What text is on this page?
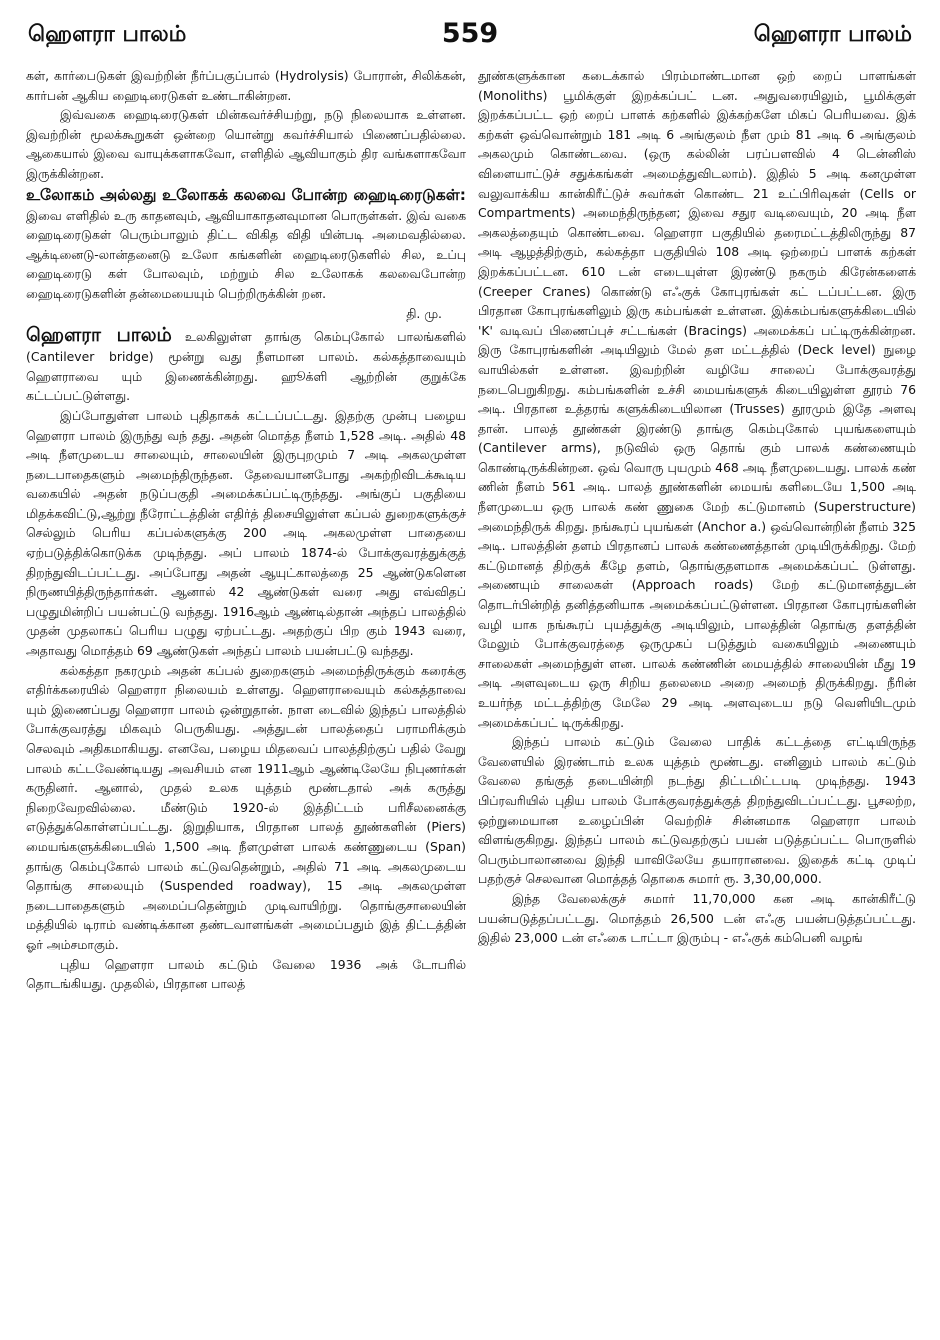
ஹௌரா பாலம்	559	ஹௌரா பாலம்

கள், கார்பைடுகள் இவற்றின் நீர்ப்பகுப்பால் (Hydrolysis) போரான், சிலிக்கன், கார்பன் ஆகிய ஹைடிரைடுகள் உண்டாகின்றன.

இவ்வகை ஹைடிரைடுகள் மின்கவர்ச்சியற்று, நடு நிலையாக உள்ளன. இவற்றின் மூலக்கூறுகள் ஒன்றை யொன்று கவர்ச்சியால் பிணைப்பதில்லை. ஆகையால் இவை வாயுக்களாகவோ, எளிதில் ஆவியாகும் திர வங்களாகவோ இருக்கின்றன.

உலோகம் அல்லது உலோகக் கலவை போன்ற ஹைடிரைடுகள்: இவை எளிதில் உரு காதனவும், ஆவியாகாதனவுமான பொருள்கள். இவ் வகை ஹைடிரைடுகள் பெரும்பாலும் திட்ட விகித விதி யின்படி அமைவதில்லை. ஆக்டினைடு-லான்தனைடு உலோ கங்களின் ஹைடிரைடுகளில் சில, உப்பு ஹைடிரைடு கள் போலவும், மற்றும் சில உலோகக் கலவைபோன்ற ஹைடிரைடுகளின் தன்மையையும் பெற்றிருக்கின் றன.
தி. மு.

ஹௌரா பாலம் உலகிலுள்ள தாங்கு கெம்புகோல் பாலங்களில் (Cantilever bridge) மூன்று வது நீளமான பாலம். கல்கத்தாவையும் ஹௌராவை யும் இணைக்கின்றது. ஹூக்ளி ஆற்றின் குறுக்கே கட்டப்பட்டுள்ளது.

இப்போதுள்ள பாலம் புதிதாகக் கட்டப்பட்டது. இதற்கு முன்பு பழைய ஹௌரா பாலம் இருந்து வந் தது. அதன் மொத்த நீளம் 1,528 அடி. அதில் 48 அடி நீளமுடைய சாலையும், சாலையின் இருபுறமும் 7 அடி அகலமுள்ள நடைபாதைகளும் அமைந்திருந்தன. தேவையானபோது அகற்றிவிடக்கூடிய வகையில் அதன் நடுப்பகுதி அமைக்கப்பட்டிருந்தது. அங்குப் பகுதியை மிதக்கவிட்டு,ஆற்று நீரோட்டத்தின் எதிர்த் திசையிலுள்ள கப்பல் துறைகளுக்குச் செல்லும் பெரிய கப்பல்களுக்கு 200 அடி அகலமுள்ள பாதையை ஏற்படுத்திக்கொடுக்க முடிந்தது. அப் பாலம் 1874-ல் போக்குவரத்துக்குத் திறந்துவிடப்பட்டது. அப்போது அதன் ஆயுட்காலத்தை 25 ஆண்டுகளென நிருணயித்திருந்தார்கள். ஆனால் 42 ஆண்டுகள் வரை அது எவ்விதப் பழுதுமின்றிப் பயன்பட்டு வந்தது. 1916ஆம் ஆண்டில்தான் அந்தப் பாலத்தில் முதன் முதலாகப் பெரிய பழுது ஏற்பட்டது. அதற்குப் பிற கும் 1943 வரை, அதாவது மொத்தம் 69 ஆண்டுகள் அந்தப் பாலம் பயன்பட்டு வந்தது.

கல்கத்தா நகரமும் அதன் கப்பல் துறைகளும் அமைந்திருக்கும் கரைக்கு எதிர்க்கரையில் ஹௌரா நிலையம் உள்ளது. ஹௌராவையும் கல்கத்தாவை யும் இணைப்பது ஹௌரா பாலம் ஒன்றுதான். நாள டைவில் இந்தப் பாலத்தில் போக்குவரத்து மிகவும் பெருகியது. அத்துடன் பாலத்தைப் பராமரிக்கும் செலவும் அதிகமாகியது. எனவே, பழைய மிதவைப் பாலத்திற்குப் பதில் வேறு பாலம் கட்டவேண்டியது அவசியம் என 1911ஆம் ஆண்டிலேயே நிபுணர்கள் கருதினர். ஆனால், முதல் உலக யுத்தம் மூண்டதால் அக் கருத்து நிறைவேறவில்லை. மீண்டும் 1920-ல் இத்திட்டம் பரிசீலனைக்கு எடுத்துக்கொள்ளப்பட்டது. இறுதியாக, பிரதான பாலத் தூண்களின் (Piers) மையங்களுக்கிடையில் 1,500 அடி நீளமுள்ள பாலக் கண்ணுடைய (Span) தாங்கு கெம்புகோல் பாலம் கட்டுவதென்றும், அதில் 71 அடி அகலமுடைய தொங்கு சாலையும் (Suspended roadway), 15 அடி அகலமுள்ள நடைபாதைகளும் அமைப்பதென்றும் முடிவாயிற்று. தொங்குசாலையின் மத்தியில் டிராம் வண்டிக்கான தண்டவாளங்கள் அமைப்பதும் இத் திட்டத்தின் ஓர் அம்சமாகும்.

புதிய ஹௌரா பாலம் கட்டும் வேலை 1936 அக் டோபரில் தொடங்கியது. முதலில், பிரதான பாலத்

தூண்களுக்கான கடைக்கால் பிரம்மாண்டமான ஒற் றைப் பாளங்கள் (Monoliths) பூமிக்குள் இறக்கப்பட் டன. அதுவரையிலும், பூமிக்குள் இறக்கப்பட்ட ஒற் றைப் பாளக் கற்களில் இக்கற்களே மிகப் பெரியவை. இக் கற்கள் ஒவ்வொன்றும் 181 அடி 6 அங்குலம் நீள மும் 81 அடி 6 அங்குலம் அகலமும் கொண்டவை. (ஒரு கல்லின் பரப்பளவில் 4 டென்னிஸ் விளையாட்டுச் சதுக்கங்கள் அமைத்துவிடலாம்). இதில் 5 அடி கனமுள்ள வலுவாக்கிய கான்கிரீட்டுச் சுவர்கள் கொண்ட 21 உட்பிரிவுகள் (Cells or Compartments) அமைந்திருந்தன; இவை சதுர வடிவையும், 20 அடி நீள அகலத்தையும் கொண்டவை. ஹௌரா பகுதியில் தரைமட்டத்திலிருந்து 87 அடி ஆழத்திற்கும், கல்கத்தா பகுதியில் 108 அடி ஒற்றைப் பாளக் கற்கள் இறக்கப்பட்டன. 610 டன் எடையுள்ள இரண்டு நகரும் கிரேன்களைக் (Creeper Cranes) கொண்டு எஃகுக் கோபுரங்கள் கட் டப்பட்டன. இரு பிரதான கோபுரங்களிலும் இரு கம்பங்கள் உள்ளன. இக்கம்பங்களுக்கிடையில் 'K' வடிவப் பிணைப்புச் சட்டங்கள் (Bracings) அமைக்கப் பட்டிருக்கின்றன. இரு கோபுரங்களின் அடியிலும் மேல் தள மட்டத்தில் (Deck level) நுழை வாயில்கள் உள்ளன. இவற்றின் வழியே சாலைப் போக்குவரத்து நடைபெறுகிறது. கம்பங்களின் உச்சி மையங்களுக் கிடையிலுள்ள தூரம் 76 அடி. பிரதான உத்தரங் களுக்கிடையிலான (Trusses) தூரமும் இதே அளவு தான். பாலத் தூண்கள் இரண்டு தாங்கு கெம்புகோல் புயங்களையும் (Cantilever arms), நடுவில் ஒரு தொங் கும் பாலக் கண்ணையும் கொண்டிருக்கின்றன. ஒவ் வொரு புயமும் 468 அடி நீளமுடையது. பாலக் கண் ணின் நீளம் 561 அடி. பாலத் தூண்களின் மையங் களிடையே 1,500 அடி நீளமுடைய ஒரு பாலக் கண் ணுகை மேற் கட்டுமானம் (Superstructure) அமைந்திருக் கிறது. நங்கூரப் புயங்கள் (Anchor a.) ஒவ்வொன்றின் நீளம் 325 அடி. பாலத்தின் தளம் பிரதானப் பாலக் கண்ணைத்தான் முடியிருக்கிறது. மேற் கட்டுமானத் திற்குக் கீழே தளம், தொங்குதளமாக அமைக்கப்பட் டுள்ளது. அணையும் சாலைகள் (Approach roads) மேற் கட்டுமானத்துடன் தொடர்பின்றித் தனித்தனியாக அமைக்கப்பட்டுள்ளன. பிரதான கோபுரங்களின் வழி யாக நங்கூரப் புயத்துக்கு அடியிலும், பாலத்தின் தொங்கு தளத்தின் மேலும் போக்குவரத்தை ஒருமுகப் படுத்தும் வகையிலும் அணையும் சாலைகள் அமைந்துள் ளன. பாலக் கண்ணின் மையத்தில் சாலையின் மீது 19 அடி அளவுடைய ஒரு சிறிய தலைமை அறை அமைந் திருக்கிறது. நீரின் உயர்ந்த மட்டத்திற்கு மேலே 29 அடி அளவுடைய நடு வெளியிடமும் அமைக்கப்பட் டிருக்கிறது.

இந்தப் பாலம் கட்டும் வேலை பாதிக் கட்டத்தை எட்டியிருந்த வேளையில் இரண்டாம் உலக யுத்தம் மூண்டது. எனினும் பாலம் கட்டும் வேலை தங்குத் தடையின்றி நடந்து திட்டமிட்டபடி முடிந்தது. 1943 பிப்ரவரியில் புதிய பாலம் போக்குவரத்துக்குத் திறந்துவிடப்பட்டது. பூசலற்ற, ஒற்றுமையான உழைப்பின் வெற்றிச் சின்னமாக ஹௌரா பாலம் விளங்குகிறது. இந்தப் பாலம் கட்டுவதற்குப் பயன் படுத்தப்பட்ட பொருளில் பெரும்பாலானவை இந்தி யாவிலேயே தயாரானவை. இதைக் கட்டி முடிப் பதற்குச் செலவான மொத்தத் தொகை சுமார் ரூ. 3,30,00,000.

இந்த வேலைக்குச் சுமார் 11,70,000 கன அடி கான்கிரீட்டு பயன்படுத்தப்பட்டது. மொத்தம் 26,500 டன் எஃகு பயன்படுத்தப்பட்டது. இதில் 23,000 டன் எஃகை டாட்டா இரும்பு - எஃகுக் கம்பெனி வழங்
